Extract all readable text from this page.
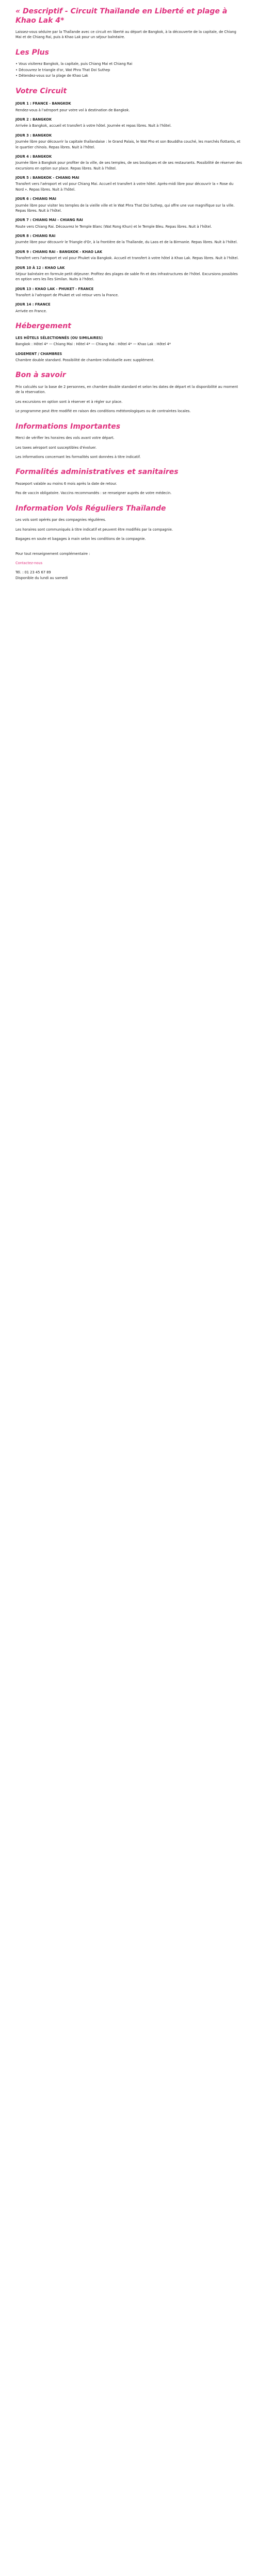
« Descriptif - Circuit Thaïlande en Liberté et plage à Khao Lak 4*

Laissez-vous séduire par la Thaïlande avec ce circuit en liberté au départ de Bangkok, à la découverte de la capitale, de Chiang Mai et de Chiang Rai, puis à Khao Lak pour un séjour balnéaire.

Les Plus
• Vous visiterez Bangkok, la capitale, puis Chiang Mai et Chiang Rai
• Découvrez le triangle d'or, Wat Phra That Doi Suthep
• Détendez-vous sur la plage de Khao Lak
Votre Circuit
JOUR 1 : FRANCE - BANGKOK

Rendez-vous à l'aéroport pour votre vol à destination de Bangkok.

JOUR 2 : BANGKOK

Arrivée à Bangkok, accueil et transfert à votre hôtel. Journée et repas libres. Nuit à l'hôtel.

JOUR 3 : BANGKOK

Journée libre pour découvrir la capitale thaïlandaise : le Grand Palais, le Wat Pho et son Bouddha couché, les marchés flottants, et le quartier chinois. Repas libres. Nuit à l'hôtel.

JOUR 4 : BANGKOK

Journée libre à Bangkok pour profiter de la ville, de ses temples, de ses boutiques et de ses restaurants. Possibilité de réserver des excursions en option sur place. Repas libres. Nuit à l'hôtel.

JOUR 5 : BANGKOK - CHIANG MAI

Transfert vers l'aéroport et vol pour Chiang Mai. Accueil et transfert à votre hôtel. Après-midi libre pour découvrir la « Rose du Nord ». Repas libres. Nuit à l'hôtel.

JOUR 6 : CHIANG MAI

Journée libre pour visiter les temples de la vieille ville et le Wat Phra That Doi Suthep, qui offre une vue magnifique sur la ville. Repas libres. Nuit à l'hôtel.

JOUR 7 : CHIANG MAI - CHIANG RAI

Route vers Chiang Rai. Découvrez le Temple Blanc (Wat Rong Khun) et le Temple Bleu. Repas libres. Nuit à l'hôtel.

JOUR 8 : CHIANG RAI

Journée libre pour découvrir le Triangle d'Or, à la frontière de la Thaïlande, du Laos et de la Birmanie. Repas libres. Nuit à l'hôtel.

JOUR 9 : CHIANG RAI - BANGKOK - KHAO LAK

Transfert vers l'aéroport et vol pour Phuket via Bangkok. Accueil et transfert à votre hôtel à Khao Lak. Repas libres. Nuit à l'hôtel.

JOUR 10 À 12 : KHAO LAK

Séjour balnéaire en formule petit déjeuner. Profitez des plages de sable fin et des infrastructures de l'hôtel. Excursions possibles en option vers les îles Similan. Nuits à l'hôtel.

JOUR 13 : KHAO LAK - PHUKET - FRANCE

Transfert à l'aéroport de Phuket et vol retour vers la France.

JOUR 14 : FRANCE

Arrivée en France.

Hébergement
LES HÔTELS SÉLECTIONNÉS (OU SIMILAIRES)

Bangkok : Hôtel 4* — Chiang Mai : Hôtel 4* — Chiang Rai : Hôtel 4* — Khao Lak : Hôtel 4*

LOGEMENT / CHAMBRES

Chambre double standard. Possibilité de chambre individuelle avec supplément.

Bon à savoir

Prix calculés sur la base de 2 personnes, en chambre double standard et selon les dates de départ et la disponibilité au moment de la réservation.

Les excursions en option sont à réserver et à régler sur place.

Le programme peut être modifié en raison des conditions météorologiques ou de contraintes locales.

Informations Importantes

Merci de vérifier les horaires des vols avant votre départ.

Les taxes aéroport sont susceptibles d'évoluer.

Les informations concernant les formalités sont données à titre indicatif.

Formalités administratives et sanitaires

Passeport valable au moins 6 mois après la date de retour.

Pas de vaccin obligatoire. Vaccins recommandés : se renseigner auprès de votre médecin.

Information Vols Réguliers Thaïlande

Les vols sont opérés par des compagnies régulières.

Les horaires sont communiqués à titre indicatif et peuvent être modifiés par la compagnie.

Bagages en soute et bagages à main selon les conditions de la compagnie.

Pour tout renseignement complémentaire :

Contactez-nous

Tél. : 01 23 45 67 89
Disponible du lundi au samedi
